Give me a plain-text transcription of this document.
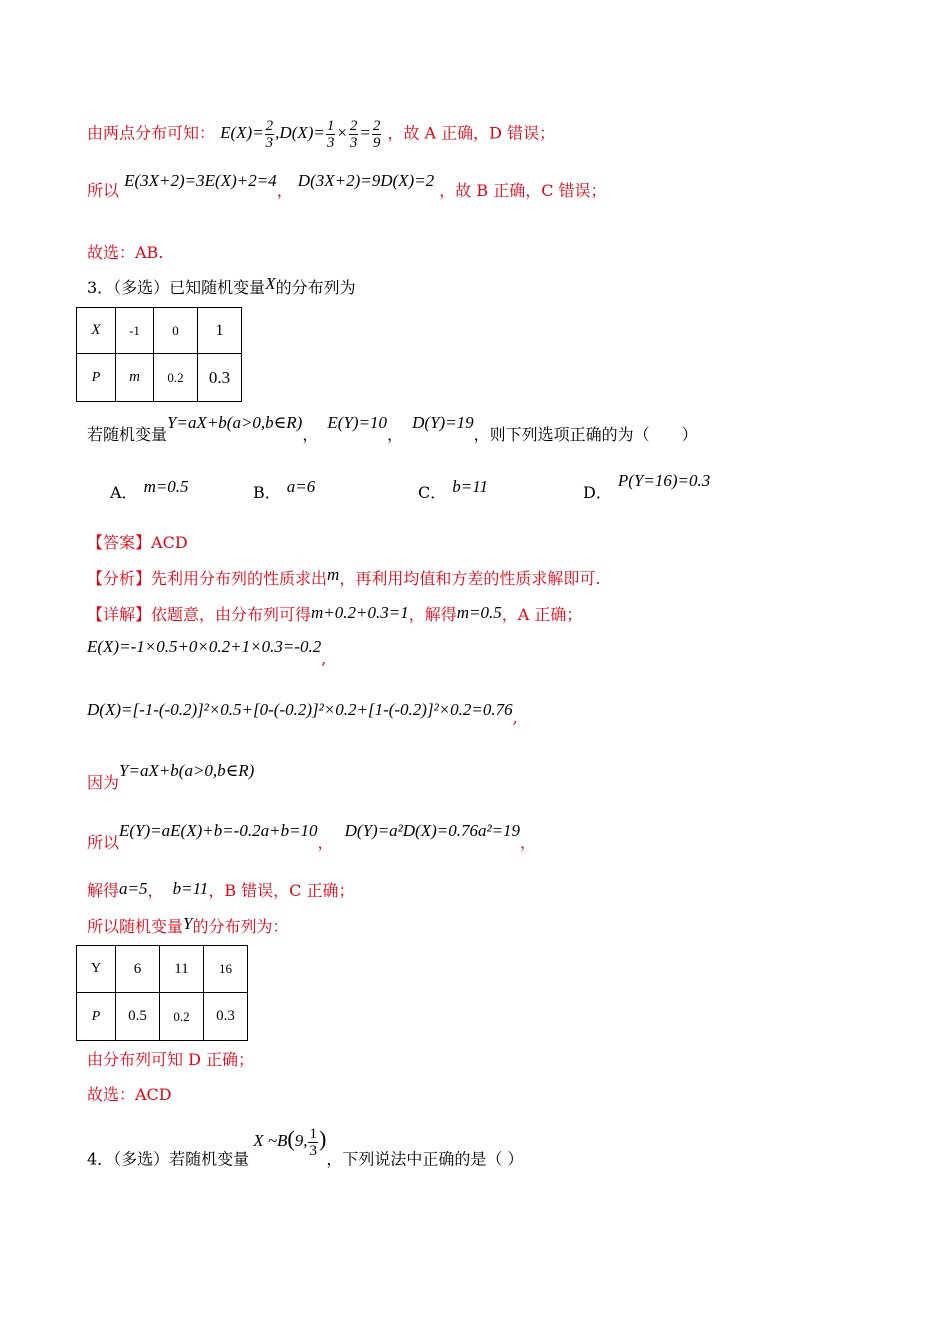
由两点分布可知： $E(X)= \frac{2}{3} ,D(X)= \frac{1}{3} \times \frac{2}{3} = \frac{2}{9}$ ，故 A 正确，D 错误；
所以 E(3X+2)=3E(X)+2=4， D(3X+2)=9D(X)=2 ，故 B 正确，C 错误；
故选：AB.
3．（多选）已知随机变量X的分布列为
X	-1	0	1
P	m	0.2	0.3
若随机变量Y=aX+b(a>0,b∈R)， E(Y)=10， D(Y)=19，则下列选项正确的为（　　）
A． m=0.5	B． a=6	C． b=11	D．P(Y=16)=0.3
【答案】ACD
【分析】先利用分布列的性质求出m，再利用均值和方差的性质求解即可.
【详解】依题意，由分布列可得m+0.2+0.3=1，解得m=0.5，A 正确；
E(X)=-1×0.5+0×0.2+1×0.3=-0.2,
D(X)=[-1-(-0.2)]²×0.5+[0-(-0.2)]²×0.2+[1-(-0.2)]²×0.2=0.76,
因为Y=aX+b(a>0,b∈R)
所以E(Y)=aE(X)+b=-0.2a+b=10， D(Y)=a²D(X)=0.76a²=19，
解得a=5， b=11，B 错误，C 正确；
所以随机变量Y的分布列为：
Y	6	11	16
P	0.5	0.2	0.3
由分布列可知 D 正确；
故选：ACD
4．（多选）若随机变量X ~B(9, $\frac{1}{3}$ )，下列说法中正确的是（ ）
